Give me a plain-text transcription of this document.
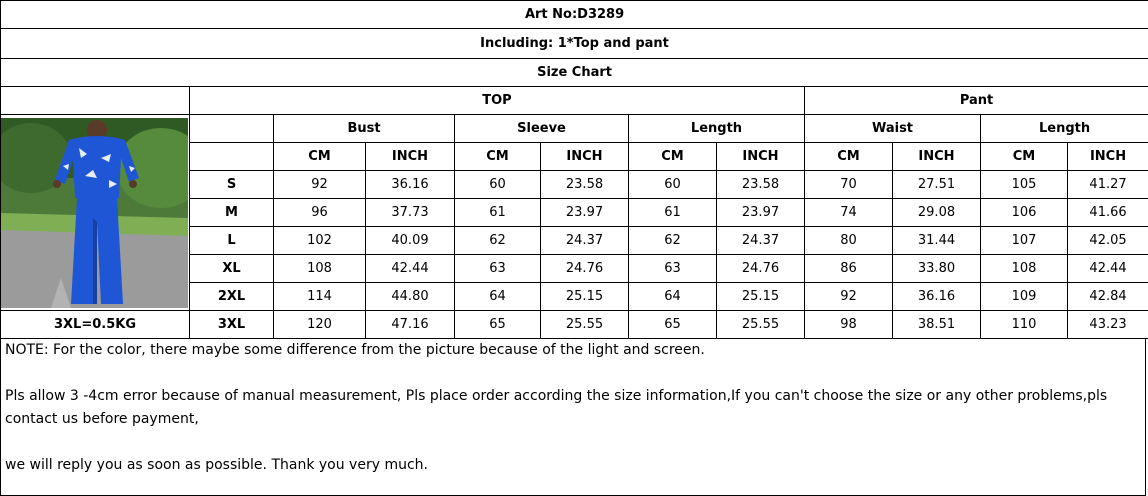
Art No:D3289											
Including: 1*Top and pant											
Size Chart											
	TOP							Pant			

		Bust		Sleeve		Length		Waist		Length	
		CM	INCH	CM	INCH	CM	INCH	CM	INCH	CM	INCH
	S	92	36.16	60	23.58	60	23.58	70	27.51	105	41.27
	M	96	37.73	61	23.97	61	23.97	74	29.08	106	41.66
	L	102	40.09	62	24.37	62	24.37	80	31.44	107	42.05
	XL	108	42.44	63	24.76	63	24.76	86	33.80	108	42.44
	2XL	114	44.80	64	25.15	64	25.15	92	36.16	109	42.84
3XL=0.5KG	3XL	120	47.16	65	25.55	65	25.55	98	38.51	110	43.23

NOTE: For the color, there maybe some difference from the picture because of the light and screen.

Pls allow 3 -4cm error because of manual measurement, Pls place order according the size information,If you can't choose the size or any other problems,pls contact us before payment,

we will reply you as soon as possible. Thank you very much.
